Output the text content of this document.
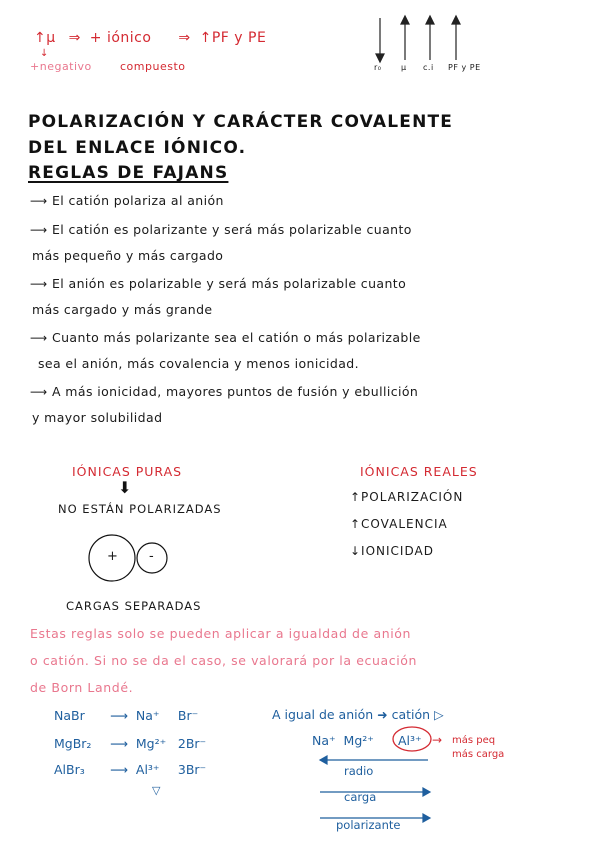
↑μ ⇒ + iónico ⇒ ↑PF y PE
↓
+negativo	compuesto	r₀ μ c.i PF y PE
POLARIZACIÓN Y CARÁCTER COVALENTE
DEL ENLACE IÓNICO.
REGLAS DE FAJANS
⟶ El catión polariza al anión
⟶ El catión es polarizante y será más polarizable cuanto
más pequeño y más cargado
⟶ El anión es polarizable y será más polarizable cuanto
más cargado y más grande
⟶ Cuanto más polarizante sea el catión o más polarizable
sea el anión, más covalencia y menos ionicidad.
⟶ A más ionicidad, mayores puntos de fusión y ebullición
y mayor solubilidad
IÓNICAS PURAS
⬇
NO ESTÁN POLARIZADAS
+ -
CARGAS SEPARADAS
IÓNICAS REALES
↑POLARIZACIÓN
↑COVALENCIA
↓IONICIDAD
Estas reglas solo se pueden aplicar a igualdad de anión
o catión. Si no se da el caso, se valorará por la ecuación
de Born Landé.
NaBr ⟶ Na⁺ Br⁻
MgBr₂ ⟶ Mg²⁺ 2Br⁻
AlBr₃ ⟶ Al³⁺ 3Br⁻
▽
A igual de anión ➜ catión ▷
Na⁺  Mg²⁺ Al³⁺ → más peq
más carga
radio
carga
polarizante
